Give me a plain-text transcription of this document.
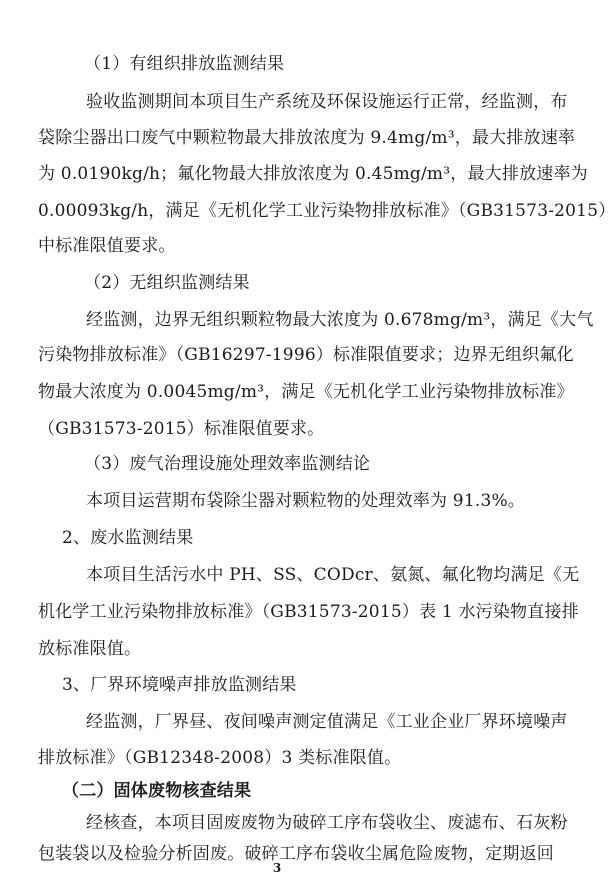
（1）有组织排放监测结果
验收监测期间本项目生产系统及环保设施运行正常，经监测，布
袋除尘器出口废气中颗粒物最大排放浓度为 9.4mg/m³，最大排放速率
为 0.0190kg/h；氟化物最大排放浓度为 0.45mg/m³，最大排放速率为
0.00093kg/h，满足《无机化学工业污染物排放标准》（GB31573-2015）
中标准限值要求。
（2）无组织监测结果
经监测，边界无组织颗粒物最大浓度为 0.678mg/m³，满足《大气
污染物排放标准》（GB16297-1996）标准限值要求；边界无组织氟化
物最大浓度为 0.0045mg/m³，满足《无机化学工业污染物排放标准》
（GB31573-2015）标准限值要求。
（3）废气治理设施处理效率监测结论
本项目运营期布袋除尘器对颗粒物的处理效率为 91.3%。
2、废水监测结果
本项目生活污水中 PH、SS、CODcr、氨氮、氟化物均满足《无
机化学工业污染物排放标准》（GB31573-2015）表 1 水污染物直接排
放标准限值。
3、厂界环境噪声排放监测结果
经监测，厂界昼、夜间噪声测定值满足《工业企业厂界环境噪声
排放标准》（GB12348-2008）3 类标准限值。
（二）固体废物核查结果
3
经核查，本项目固废废物为破碎工序布袋收尘、废滤布、石灰粉
包装袋以及检验分析固废。破碎工序布袋收尘属危险废物，定期返回
